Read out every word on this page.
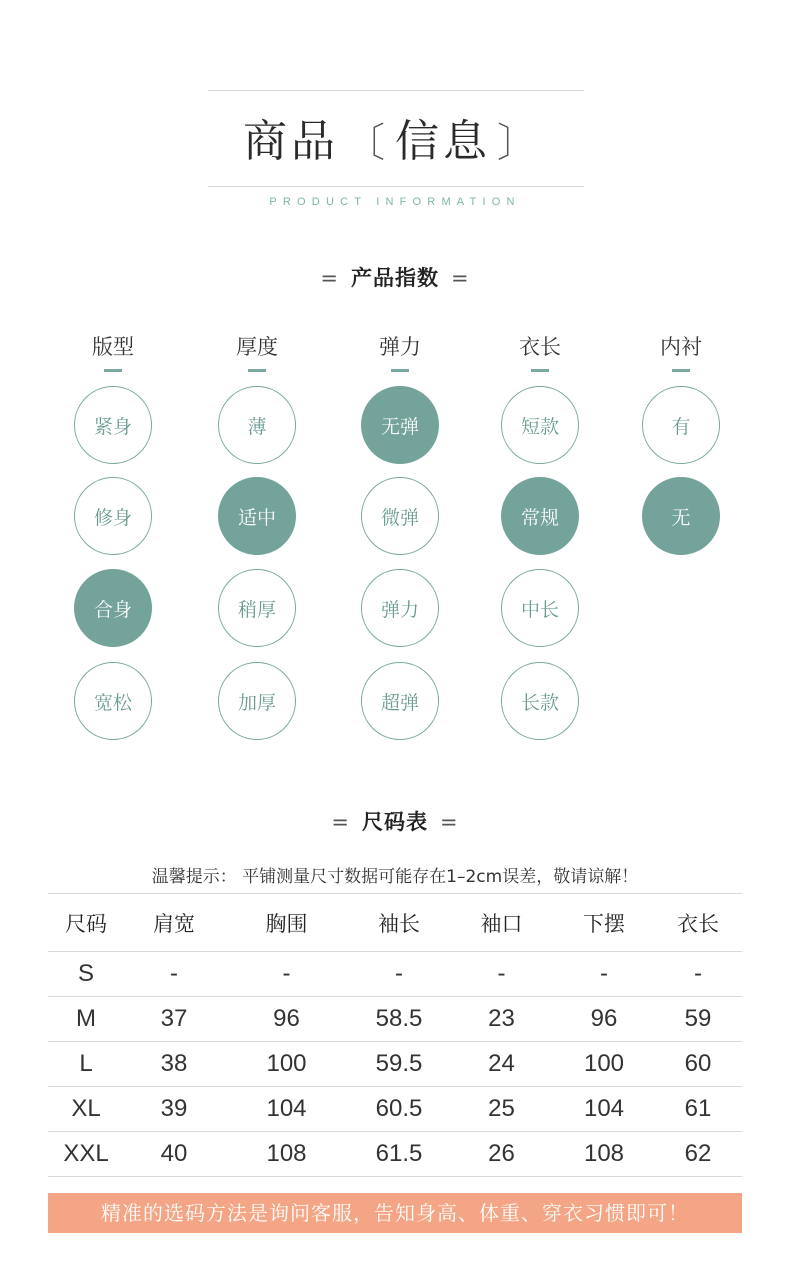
商品 〔 信息 〕
PRODUCT INFORMATION
= 产品指数 =
版型
紧身
修身
合身
宽松
厚度
薄
适中
稍厚
加厚
弹力
无弹
微弹
弹力
超弹
衣长
短款
常规
中长
长款
内衬
有
无
= 尺码表 =
温馨提示： 平铺测量尺寸数据可能存在1–2cm误差，敬请谅解！
尺码	肩宽	胸围	袖长	袖口	下摆	衣长
S	-	-	-	-	-	-
M	37	96	58.5	23	96	59
L	38	100	59.5	24	100	60
XL	39	104	60.5	25	104	61
XXL	40	108	61.5	26	108	62
精准的选码方法是询问客服，告知身高、体重、穿衣习惯即可！
